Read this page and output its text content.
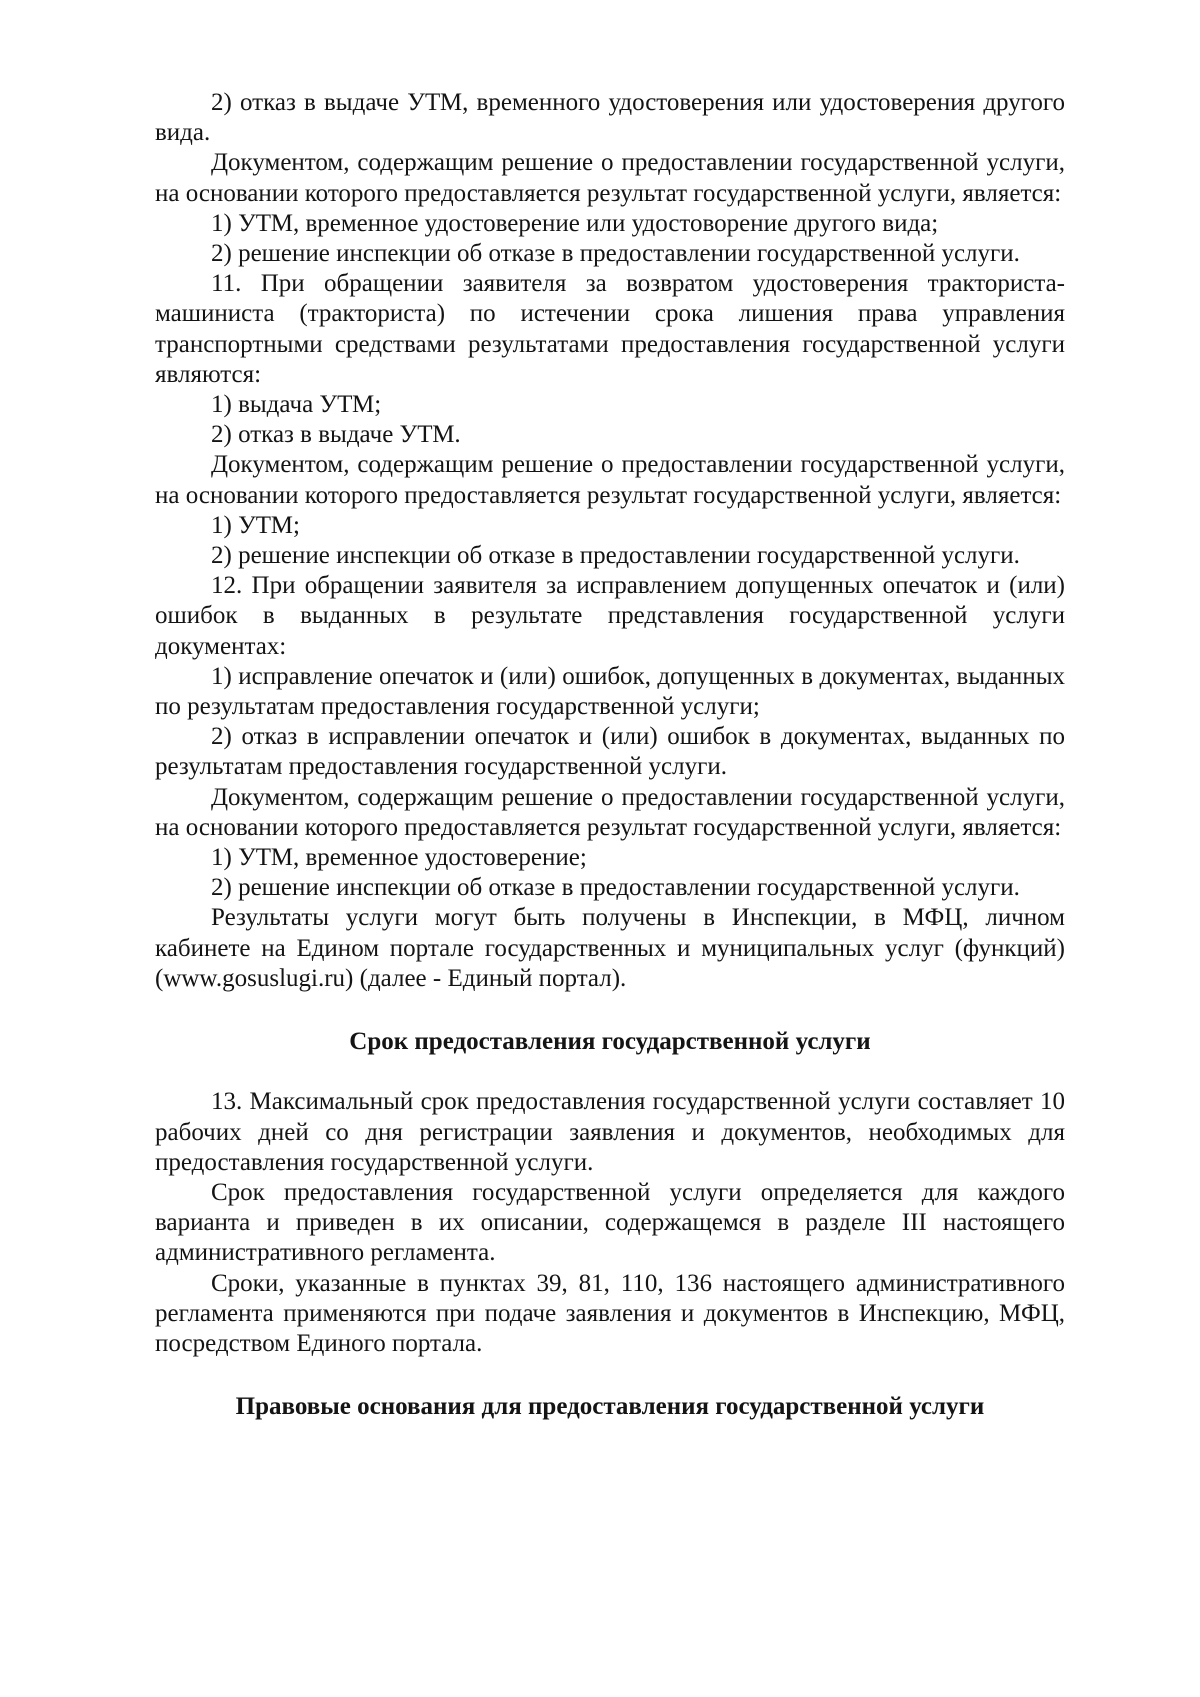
2) отказ в выдаче УТМ, временного удостоверения или удостоверения другого вида.

Документом, содержащим решение о предоставлении государственной услуги, на основании которого предоставляется результат государственной услуги, является:

1) УТМ, временное удостоверение или удостоворение другого вида;

2) решение инспекции об отказе в предоставлении государственной услуги.

11. При обращении заявителя за возвратом удостоверения тракториста-машиниста (тракториста) по истечении срока лишения права управления транспортными средствами результатами предоставления государственной услуги являются:

1) выдача УТМ;

2) отказ в выдаче УТМ.

Документом, содержащим решение о предоставлении государственной услуги, на основании которого предоставляется результат государственной услуги, является:

1) УТМ;

2) решение инспекции об отказе в предоставлении государственной услуги.

12. При обращении заявителя за исправлением допущенных опечаток и (или) ошибок в выданных в результате представления государственной услуги документах:

1) исправление опечаток и (или) ошибок, допущенных в документах, выданных по результатам предоставления государственной услуги;

2) отказ в исправлении опечаток и (или) ошибок в документах, выданных по результатам предоставления государственной услуги.

Документом, содержащим решение о предоставлении государственной услуги, на основании которого предоставляется результат государственной услуги, является:

1) УТМ, временное удостоверение;

2) решение инспекции об отказе в предоставлении государственной услуги.

Результаты услуги могут быть получены в Инспекции, в МФЦ, личном кабинете на Едином портале государственных и муниципальных услуг (функций) (www.gosuslugi.ru) (далее - Единый портал).

Срок предоставления государственной услуги

13. Максимальный срок предоставления государственной услуги составляет 10 рабочих дней со дня регистрации заявления и документов, необходимых для предоставления государственной услуги.

Срок предоставления государственной услуги определяется для каждого варианта и приведен в их описании, содержащемся в разделе III настоящего административного регламента.

Сроки, указанные в пунктах 39, 81, 110, 136 настоящего административного регламента применяются при подаче заявления и документов в Инспекцию, МФЦ, посредством Единого портала.

Правовые основания для предоставления государственной услуги
